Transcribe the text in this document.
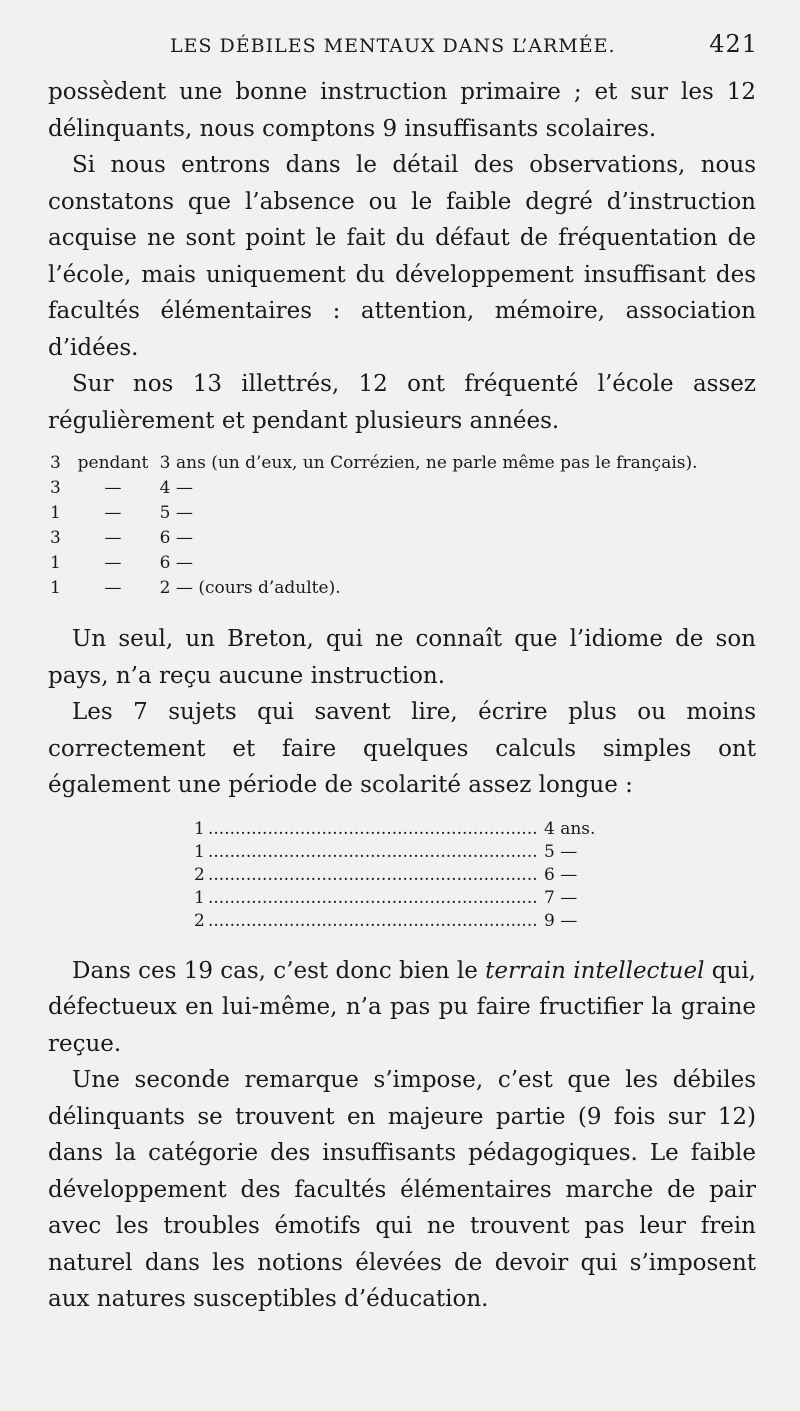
LES DÉBILES MENTAUX DANS L’ARMÉE.	421

possèdent une bonne instruction primaire ; et sur les 12 délinquants, nous comptons 9 insuffisants scolaires.

Si nous entrons dans le détail des observations, nous constatons que l’absence ou le faible degré d’instruction acquise ne sont point le fait du défaut de fréquentation de l’école, mais uniquement du développement insuffisant des facultés élémentaires : attention, mémoire, association d’idées.

Sur nos 13 illettrés, 12 ont fréquenté l’école assez régulièrement et pendant plusieurs années.

3 pendant 3 ans (un d’eux, un Corrézien, ne parle même pas le français).
3	—	4 —
1	—	5 —
3	—	6 —
1	—	6 —
1	—	2 — (cours d’adulte).

Un seul, un Breton, qui ne connaît que l’idiome de son pays, n’a reçu aucune instruction.

Les 7 sujets qui savent lire, écrire plus ou moins correctement et faire quelques calculs simples ont également une période de scolarité assez longue :

1 .....	4 ans.
1 .....	5 —
2 .....	6 —
1 .....	7 —
2 .....	9 —

Dans ces 19 cas, c’est donc bien le terrain intellectuel qui, défectueux en lui-même, n’a pas pu faire fructifier la graine reçue.

Une seconde remarque s’impose, c’est que les débiles délinquants se trouvent en majeure partie (9 fois sur 12) dans la catégorie des insuffisants pédagogiques. Le faible développement des facultés élémentaires marche de pair avec les troubles émotifs qui ne trouvent pas leur frein naturel dans les notions élevées de devoir qui s’imposent aux natures susceptibles d’éducation.
